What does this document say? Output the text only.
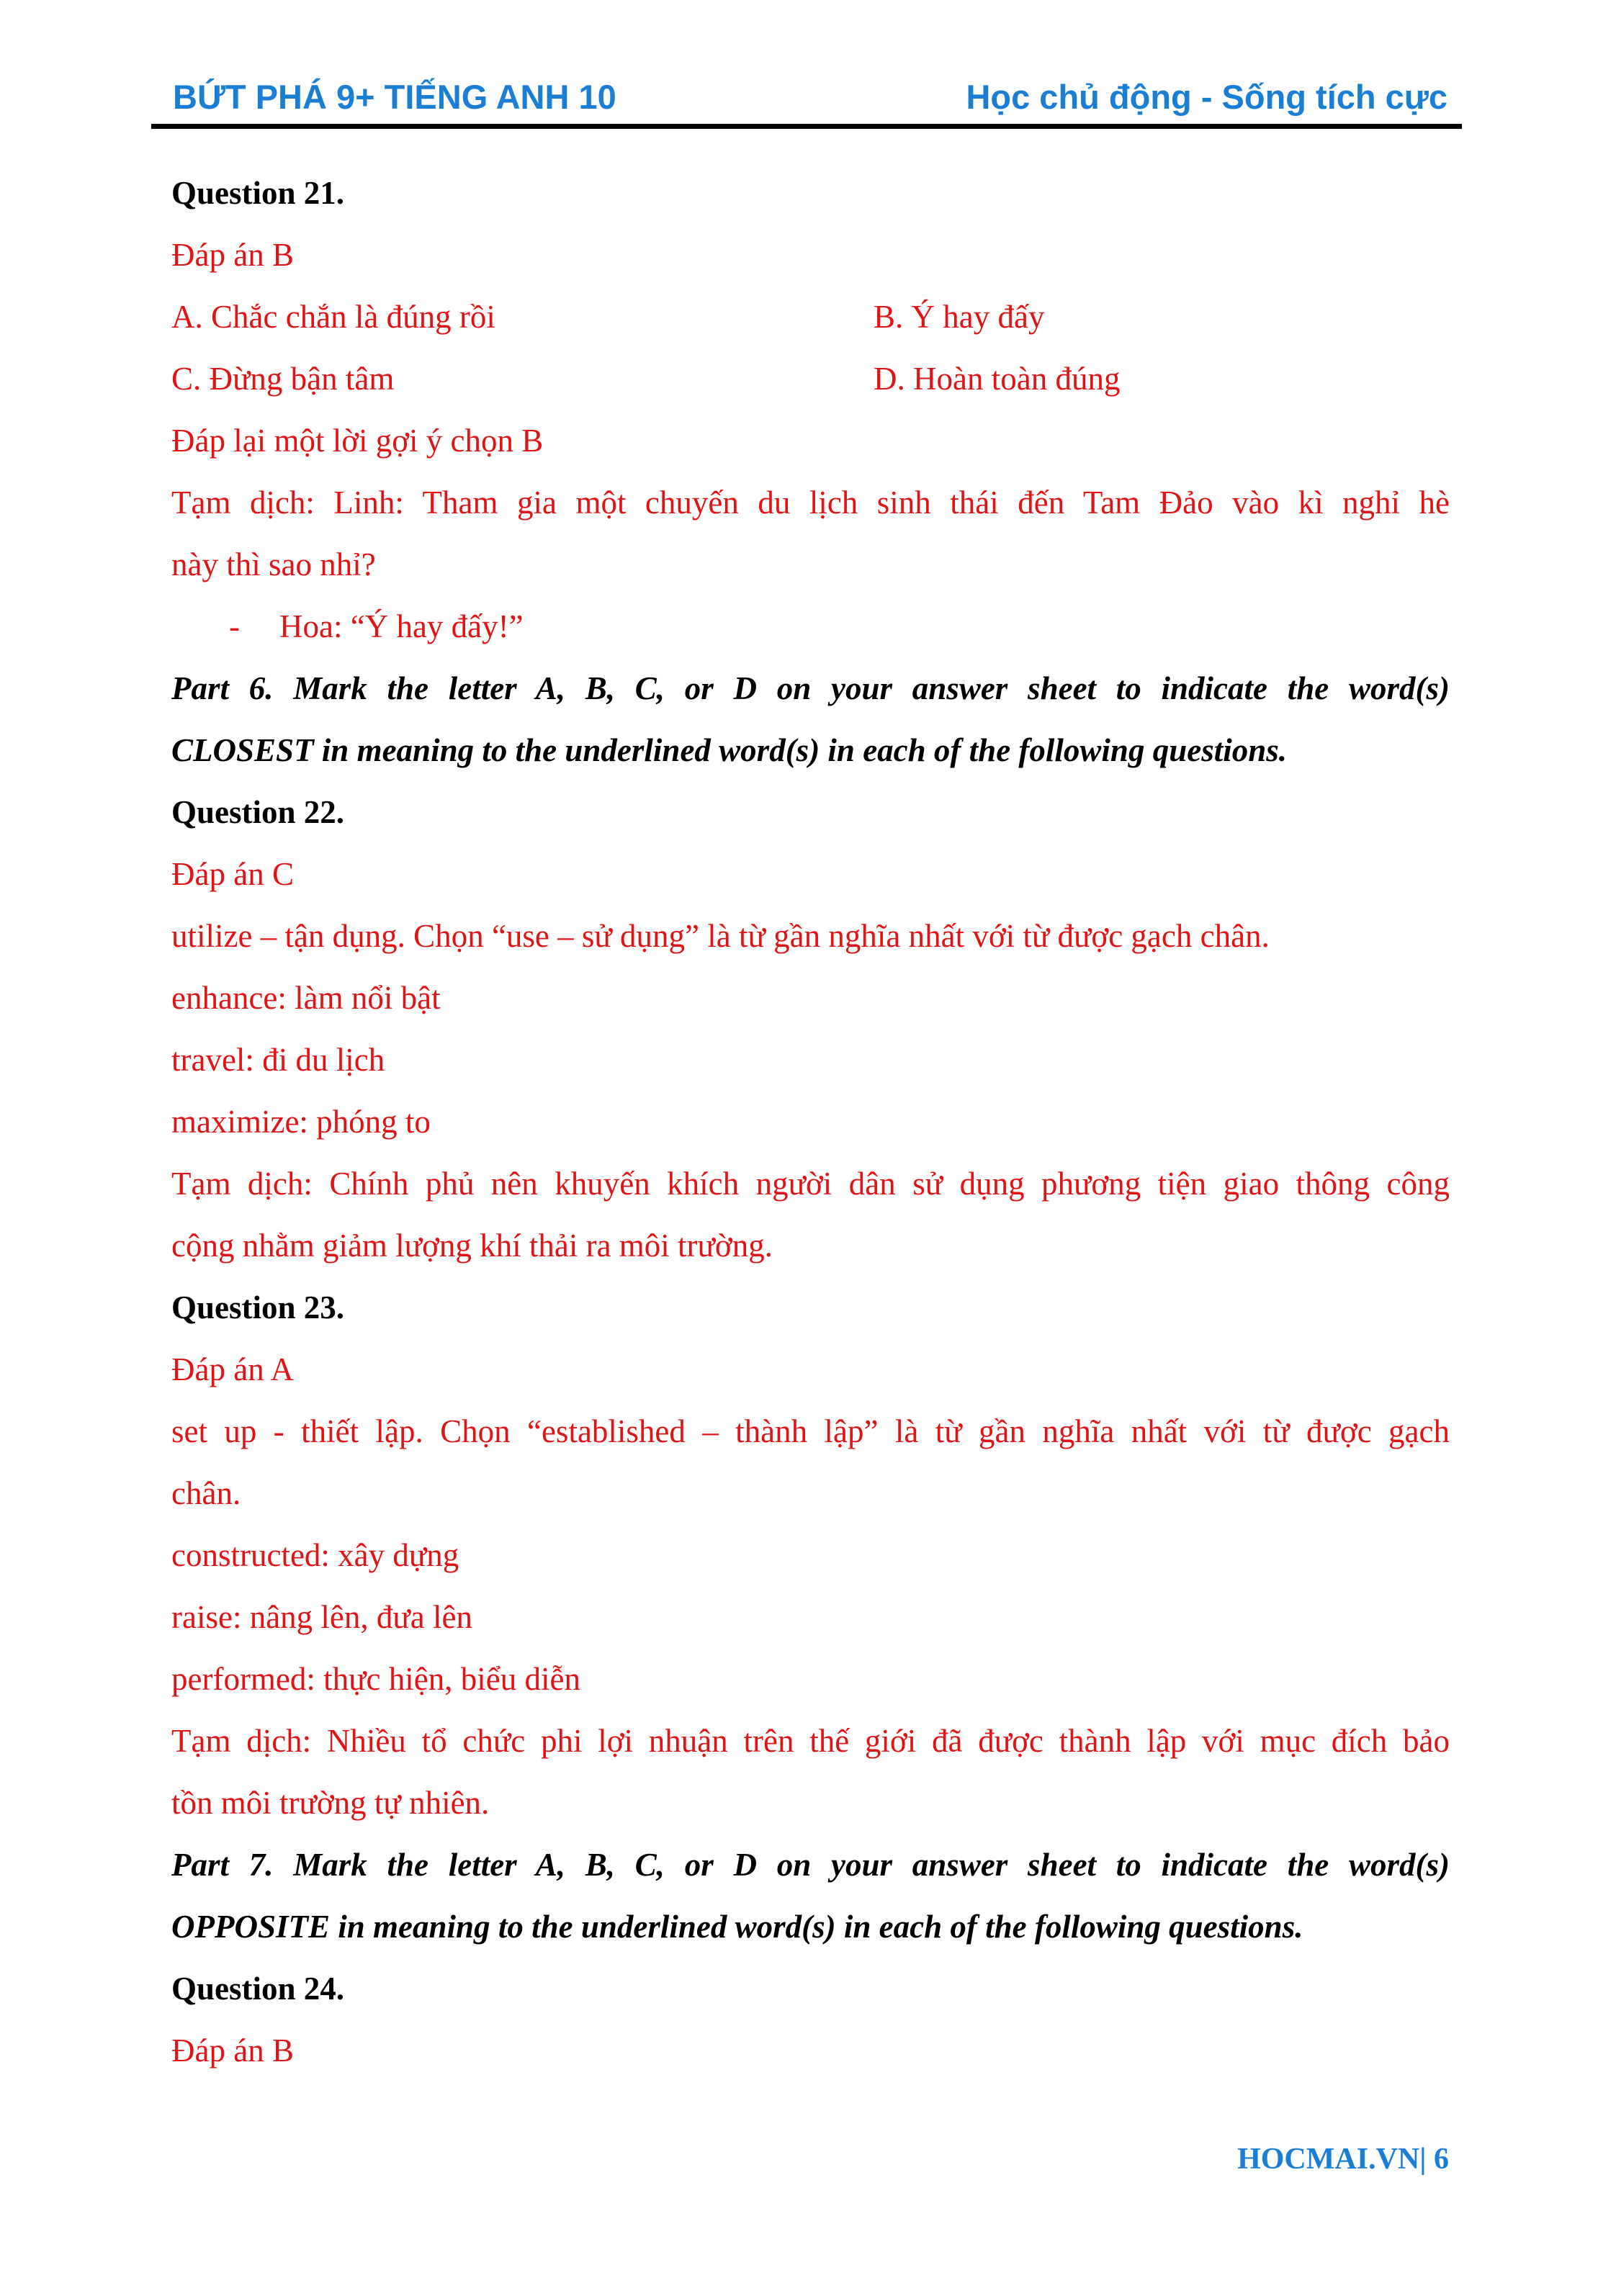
BỨT PHÁ 9+ TIẾNG ANH 10	Học chủ động - Sống tích cực
Question 21.
Đáp án B
A. Chắc chắn là đúng rồi	B. Ý hay đấy
C. Đừng bận tâm	D. Hoàn toàn đúng
Đáp lại một lời gợi ý chọn B
Tạm dịch: Linh: Tham gia một chuyến du lịch sinh thái đến Tam Đảo vào kì nghỉ hè
này thì sao nhỉ?
- Hoa: “Ý hay đấy!”
Part 6. Mark the letter A, B, C, or D on your answer sheet to indicate the word(s)
CLOSEST in meaning to the underlined word(s) in each of the following questions.
Question 22.
Đáp án C
utilize – tận dụng. Chọn “use – sử dụng” là từ gần nghĩa nhất với từ được gạch chân.
enhance: làm nổi bật
travel: đi du lịch
maximize: phóng to
Tạm dịch: Chính phủ nên khuyến khích người dân sử dụng phương tiện giao thông công
cộng nhằm giảm lượng khí thải ra môi trường.
Question 23.
Đáp án A
set up - thiết lập. Chọn “established – thành lập” là từ gần nghĩa nhất với từ được gạch
chân.
constructed: xây dựng
raise: nâng lên, đưa lên
performed: thực hiện, biểu diễn
Tạm dịch: Nhiều tổ chức phi lợi nhuận trên thế giới đã được thành lập với mục đích bảo
tồn môi trường tự nhiên.
Part 7. Mark the letter A, B, C, or D on your answer sheet to indicate the word(s)
OPPOSITE in meaning to the underlined word(s) in each of the following questions.
Question 24.
Đáp án B
HOCMAI.VN| 6
